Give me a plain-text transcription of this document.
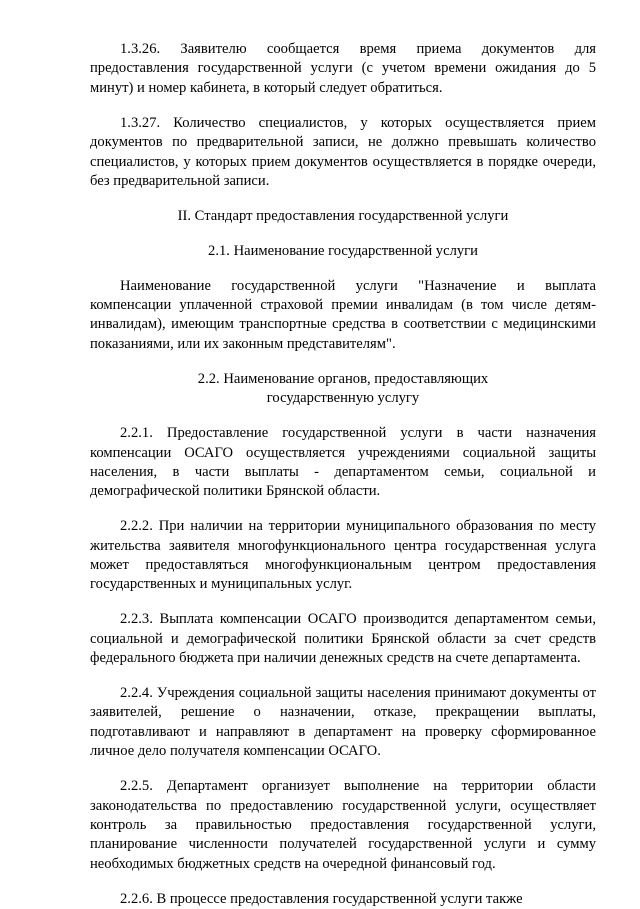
1.3.26. Заявителю сообщается время приема документов для предоставления государственной услуги (с учетом времени ожидания до 5 минут) и номер кабинета, в который следует обратиться.

1.3.27. Количество специалистов, у которых осуществляется прием документов по предварительной записи, не должно превышать количество специалистов, у которых прием документов осуществляется в порядке очереди, без предварительной записи.

II. Стандарт предоставления государственной услуги

2.1. Наименование государственной услуги

Наименование государственной услуги "Назначение и выплата компенсации уплаченной страховой премии инвалидам (в том числе детям-инвалидам), имеющим транспортные средства в соответствии с медицинскими показаниями, или их законным представителям".

2.2. Наименование органов, предоставляющих
государственную услугу

2.2.1. Предоставление государственной услуги в части назначения компенсации ОСАГО осуществляется учреждениями социальной защиты населения, в части выплаты - департаментом семьи, социальной и демографической политики Брянской области.

2.2.2. При наличии на территории муниципального образования по месту жительства заявителя многофункционального центра государственная услуга может предоставляться многофункциональным центром предоставления государственных и муниципальных услуг.

2.2.3. Выплата компенсации ОСАГО производится департаментом семьи, социальной и демографической политики Брянской области за счет средств федерального бюджета при наличии денежных средств на счете департамента.

2.2.4. Учреждения социальной защиты населения принимают документы от заявителей, решение о назначении, отказе, прекращении выплаты, подготавливают и направляют в департамент на проверку сформированное личное дело получателя компенсации ОСАГО.

2.2.5. Департамент организует выполнение на территории области законодательства по предоставлению государственной услуги, осуществляет контроль за правильностью предоставления государственной услуги, планирование численности получателей государственной услуги и сумму необходимых бюджетных средств на очередной финансовый год.

2.2.6. В процессе предоставления государственной услуги также
